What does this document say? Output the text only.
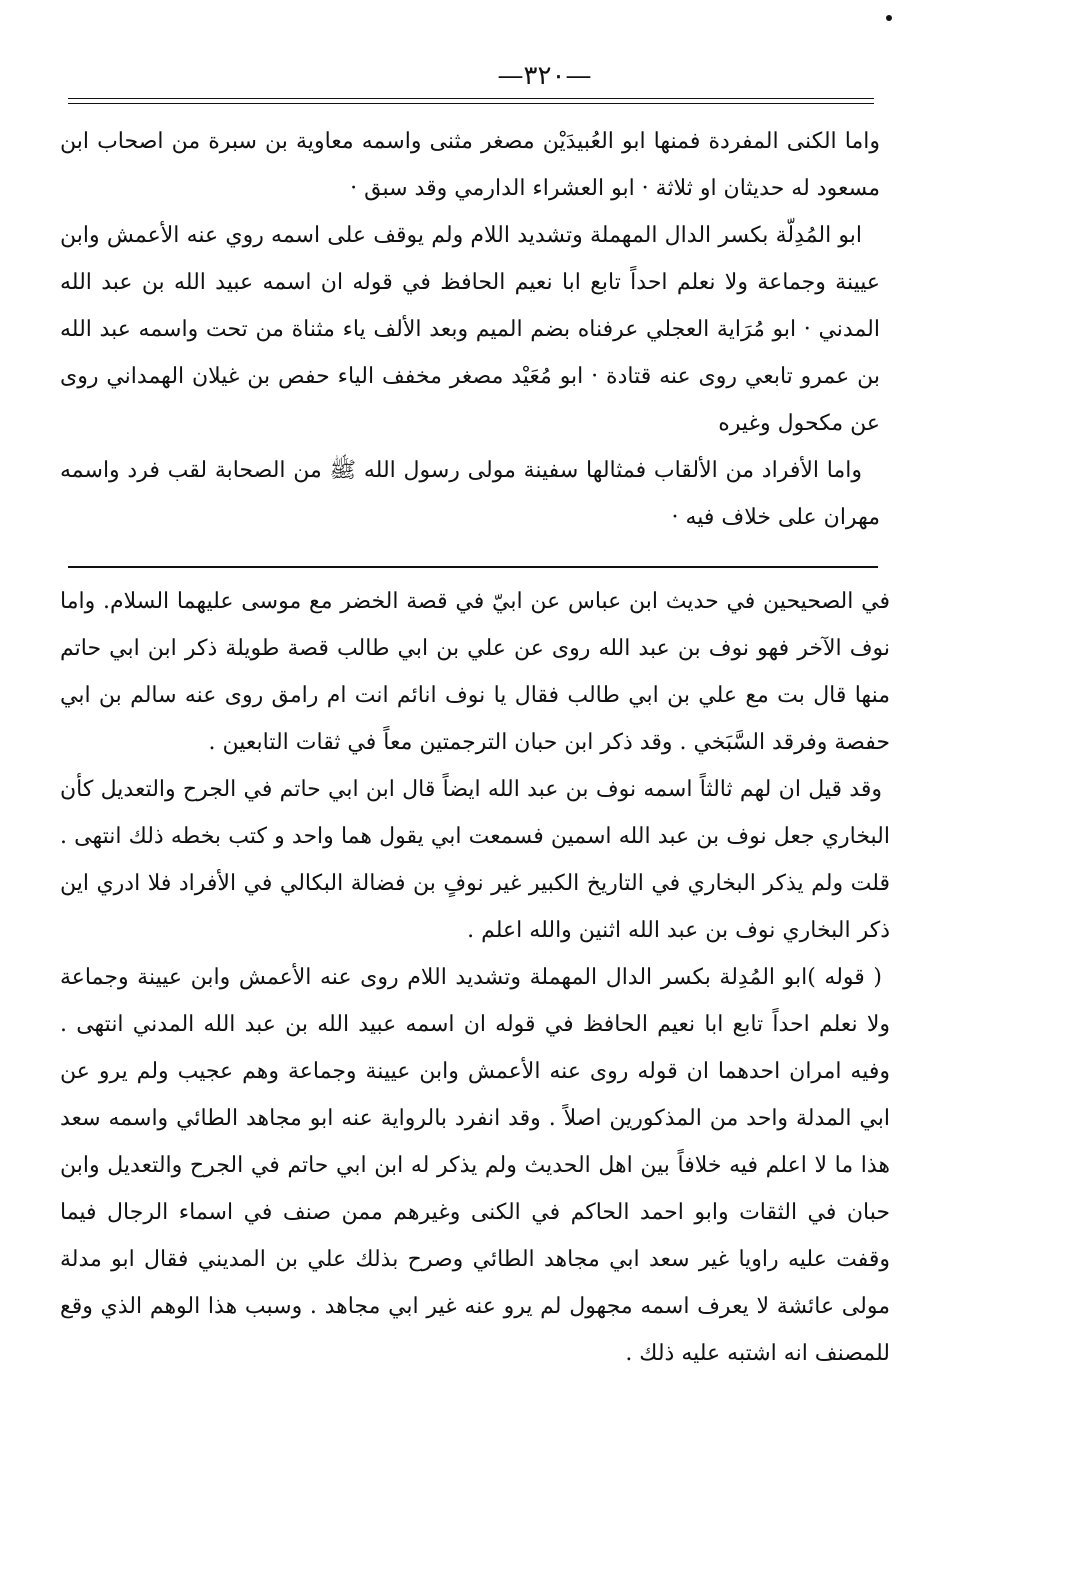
—٣٢٠—

واما الكنى المفردة فمنها ابو العُبيدَيْن مصغر مثنى واسمه معاوية بن سبرة من اصحاب ابن مسعود له حديثان او ثلاثة · ابو العشراء الدارمي وقد سبق ·

ابو المُدِلّة بكسر الدال المهملة وتشديد اللام ولم يوقف على اسمه روي عنه الأعمش وابن عيينة وجماعة ولا نعلم احداً تابع ابا نعيم الحافظ في قوله ان اسمه عبيد الله بن عبد الله المدني · ابو مُرَاية العجلي عرفناه بضم الميم وبعد الألف ياء مثناة من تحت واسمه عبد الله بن عمرو تابعي روى عنه قتادة · ابو مُعَيْد مصغر مخفف الياء حفص بن غيلان الهمداني روى عن مكحول وغيره

واما الأفراد من الألقاب فمثالها سفينة مولى رسول الله ﷺ من الصحابة لقب فرد واسمه مهران على خلاف فيه ·

في الصحيحين في حديث ابن عباس عن ابيّ في قصة الخضر مع موسى عليهما السلام. واما نوف الآخر فهو نوف بن عبد الله روى عن علي بن ابي طالب قصة طويلة ذكر ابن ابي حاتم منها قال بت مع علي بن ابي طالب فقال يا نوف انائم انت ام رامق روى عنه سالم بن ابي حفصة وفرقد السَّبَخي . وقد ذكر ابن حبان الترجمتين معاً في ثقات التابعين .

وقد قيل ان لهم ثالثاً اسمه نوف بن عبد الله ايضاً قال ابن ابي حاتم في الجرح والتعديل كأن البخاري جعل نوف بن عبد الله اسمين فسمعت ابي يقول هما واحد و كتب بخطه ذلك انتهى . قلت ولم يذكر البخاري في التاريخ الكبير غير نوفٍ بن فضالة البكالي في الأفراد فلا ادري اين ذكر البخاري نوف بن عبد الله اثنين والله اعلم .

( قوله )ابو المُدِلة بكسر الدال المهملة وتشديد اللام روى عنه الأعمش وابن عيينة وجماعة ولا نعلم احداً تابع ابا نعيم الحافظ في قوله ان اسمه عبيد الله بن عبد الله المدني انتهى . وفيه امران احدهما ان قوله روى عنه الأعمش وابن عيينة وجماعة وهم عجيب ولم يرو عن ابي المدلة واحد من المذكورين اصلاً . وقد انفرد بالرواية عنه ابو مجاهد الطائي واسمه سعد هذا ما لا اعلم فيه خلافاً بين اهل الحديث ولم يذكر له ابن ابي حاتم في الجرح والتعديل وابن حبان في الثقات وابو احمد الحاكم في الكنى وغيرهم ممن صنف في اسماء الرجال فيما وقفت عليه راويا غير سعد ابي مجاهد الطائي وصرح بذلك علي بن المديني فقال ابو مدلة مولى عائشة لا يعرف اسمه مجهول لم يرو عنه غير ابي مجاهد . وسبب هذا الوهم الذي وقع للمصنف انه اشتبه عليه ذلك .
